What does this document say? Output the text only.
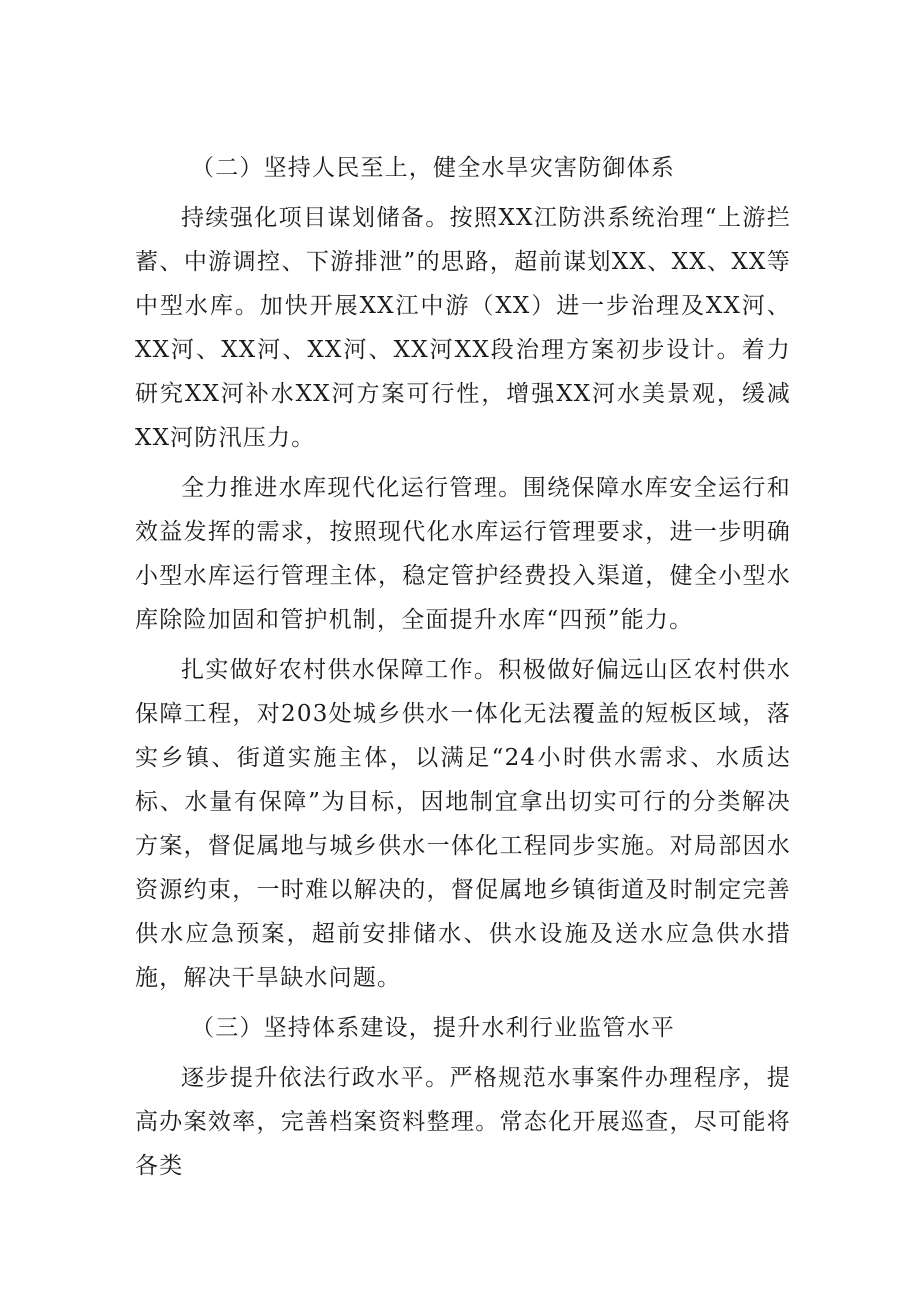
（二）坚持人民至上，健全水旱灾害防御体系

持续强化项目谋划储备。按照XX江防洪系统治理“上游拦蓄、中游调控、下游排泄”的思路，超前谋划XX、XX、XX等中型水库。加快开展XX江中游（XX）进一步治理及XX河、XX河、XX河、XX河、XX河XX段治理方案初步设计。着力研究XX河补水XX河方案可行性，增强XX河水美景观，缓减XX河防汛压力。

全力推进水库现代化运行管理。围绕保障水库安全运行和效益发挥的需求，按照现代化水库运行管理要求，进一步明确小型水库运行管理主体，稳定管护经费投入渠道，健全小型水库除险加固和管护机制，全面提升水库“四预”能力。

扎实做好农村供水保障工作。积极做好偏远山区农村供水保障工程，对203处城乡供水一体化无法覆盖的短板区域，落实乡镇、街道实施主体，以满足“24小时供水需求、水质达标、水量有保障”为目标，因地制宜拿出切实可行的分类解决方案，督促属地与城乡供水一体化工程同步实施。对局部因水资源约束，一时难以解决的，督促属地乡镇街道及时制定完善供水应急预案，超前安排储水、供水设施及送水应急供水措施，解决干旱缺水问题。

（三）坚持体系建设，提升水利行业监管水平

逐步提升依法行政水平。严格规范水事案件办理程序，提高办案效率，完善档案资料整理。常态化开展巡查，尽可能将各类
